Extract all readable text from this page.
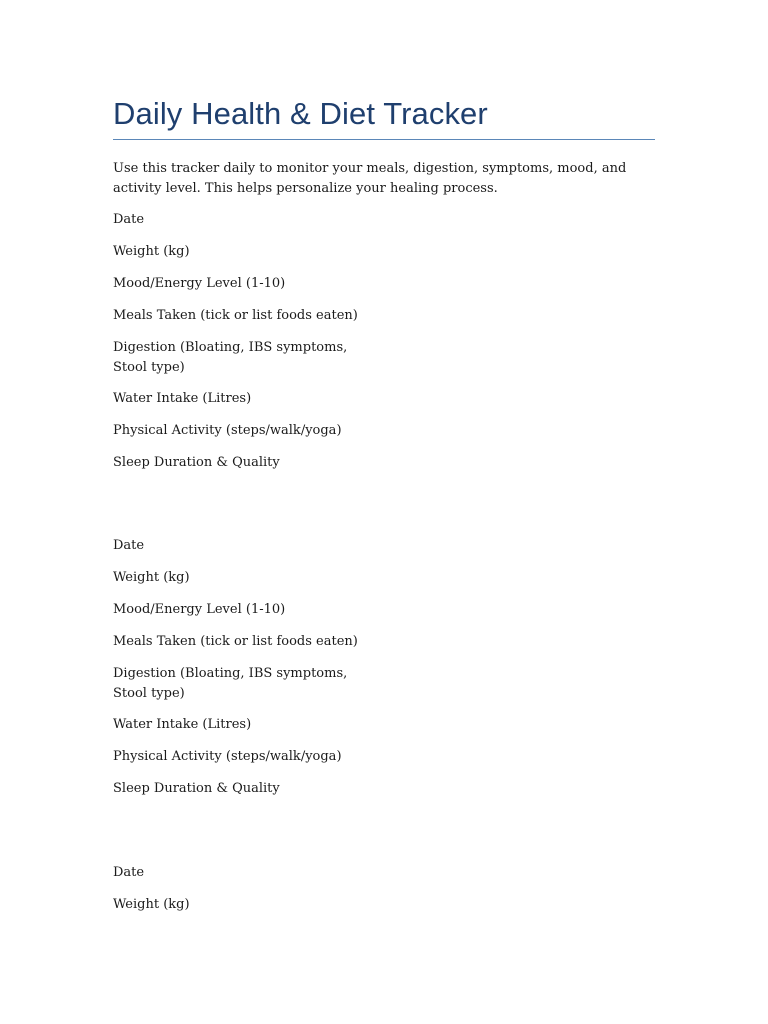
Daily Health & Diet Tracker

Use this tracker daily to monitor your meals, digestion, symptoms, mood, and activity level. This helps personalize your healing process.

Date

Weight (kg)

Mood/Energy Level (1-10)

Meals Taken (tick or list foods eaten)

Digestion (Bloating, IBS symptoms, Stool type)

Water Intake (Litres)

Physical Activity (steps/walk/yoga)

Sleep Duration & Quality

Date

Weight (kg)

Mood/Energy Level (1-10)

Meals Taken (tick or list foods eaten)

Digestion (Bloating, IBS symptoms, Stool type)

Water Intake (Litres)

Physical Activity (steps/walk/yoga)

Sleep Duration & Quality

Date

Weight (kg)
